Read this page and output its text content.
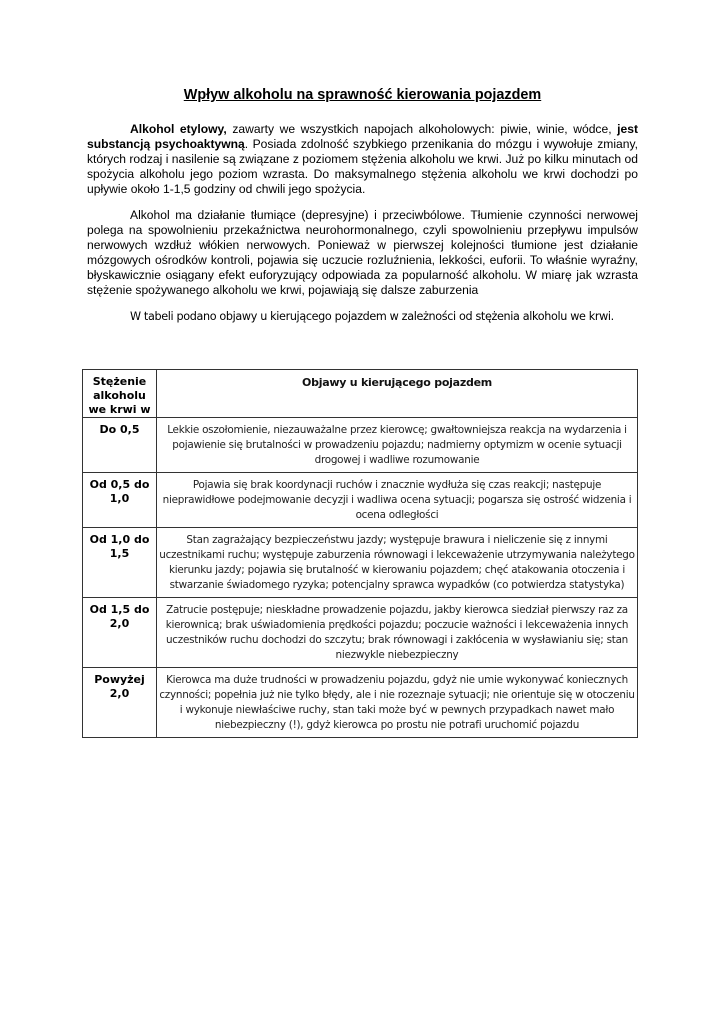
Wpływ alkoholu na sprawność kierowania pojazdem
Alkohol etylowy, zawarty we wszystkich napojach alkoholowych: piwie, winie, wódce, jest substancją psychoaktywną. Posiada zdolność szybkiego przenikania do mózgu i wywołuje zmiany, których rodzaj i nasilenie są związane z poziomem stężenia alkoholu we krwi. Już po kilku minutach od spożycia alkoholu jego poziom wzrasta. Do maksymalnego stężenia alkoholu we krwi dochodzi po upływie około 1-1,5 godziny od chwili jego spożycia.
Alkohol ma działanie tłumiące (depresyjne) i przeciwbólowe. Tłumienie czynności nerwowej polega na spowolnieniu przekaźnictwa neurohormonalnego, czyli spowolnieniu przepływu impulsów nerwowych wzdłuż włókien nerwowych. Ponieważ w pierwszej kolejności tłumione jest działanie mózgowych ośrodków kontroli, pojawia się uczucie rozluźnienia, lekkości, euforii. To właśnie wyraźny, błyskawicznie osiągany efekt euforyzujący odpowiada za popularność alkoholu. W miarę jak wzrasta stężenie spożywanego alkoholu we krwi, pojawiają się dalsze zaburzenia
W tabeli podano objawy u kierującego pojazdem w zależności od stężenia alkoholu we krwi.
Stężenie alkoholu we krwi w	Objawy u kierującego pojazdem
Do 0,5	Lekkie oszołomienie, niezauważalne przez kierowcę; gwałtowniejsza reakcja na wydarzenia i pojawienie się brutalności w prowadzeniu pojazdu; nadmierny optymizm w ocenie sytuacji drogowej i wadliwe rozumowanie
Od 0,5 do 1,0	Pojawia się brak koordynacji ruchów i znacznie wydłuża się czas reakcji; następuje nieprawidłowe podejmowanie decyzji i wadliwa ocena sytuacji; pogarsza się ostrość widzenia i ocena odległości
Od 1,0 do 1,5	Stan zagrażający bezpieczeństwu jazdy; występuje brawura i nieliczenie się z innymi uczestnikami ruchu; występuje zaburzenia równowagi i lekceważenie utrzymywania należytego kierunku jazdy; pojawia się brutalność w kierowaniu pojazdem; chęć atakowania otoczenia i stwarzanie świadomego ryzyka; potencjalny sprawca wypadków (co potwierdza statystyka)
Od 1,5 do 2,0	Zatrucie postępuje; nieskładne prowadzenie pojazdu, jakby kierowca siedział pierwszy raz za kierownicą; brak uświadomienia prędkości pojazdu; poczucie ważności i lekceważenia innych uczestników ruchu dochodzi do szczytu; brak równowagi i zakłócenia w wysławianiu się; stan niezwykle niebezpieczny
Powyżej 2,0	Kierowca ma duże trudności w prowadzeniu pojazdu, gdyż nie umie wykonywać koniecznych czynności; popełnia już nie tylko błędy, ale i nie rozeznaje sytuacji; nie orientuje się w otoczeniu i wykonuje niewłaściwe ruchy, stan taki może być w pewnych przypadkach nawet mało niebezpieczny (!), gdyż kierowca po prostu nie potrafi uruchomić pojazdu
